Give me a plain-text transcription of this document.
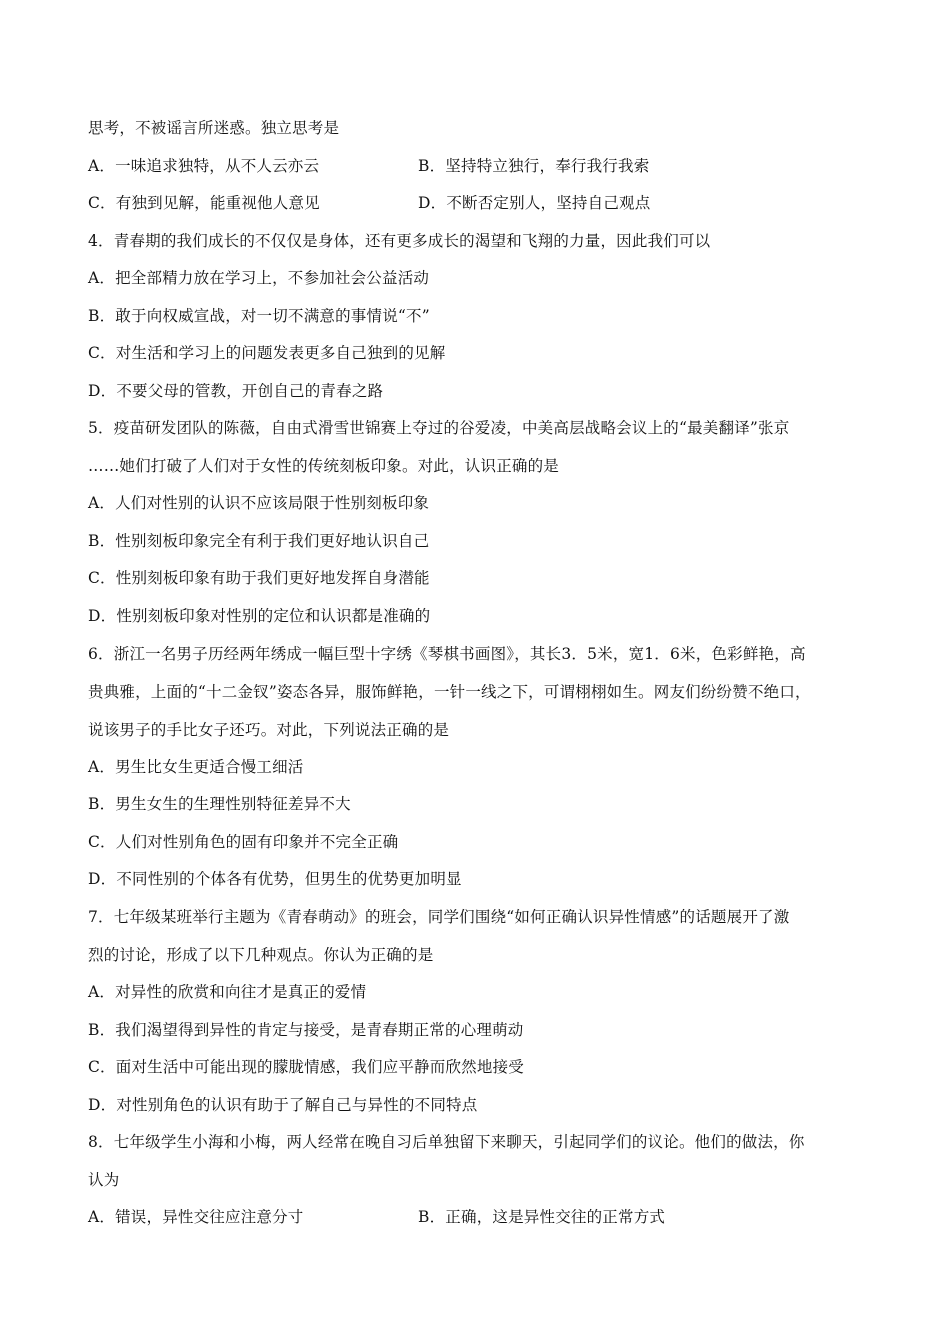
思考，不被谣言所迷惑。独立思考是
A．一味追求独特，从不人云亦云	B．坚持特立独行，奉行我行我索
C．有独到见解，能重视他人意见	D．不断否定别人，坚持自己观点
4．青春期的我们成长的不仅仅是身体，还有更多成长的渴望和飞翔的力量，因此我们可以
A．把全部精力放在学习上，不参加社会公益活动
B．敢于向权威宣战，对一切不满意的事情说“不”
C．对生活和学习上的问题发表更多自己独到的见解
D．不要父母的管教，开创自己的青春之路
5．疫苗研发团队的陈薇，自由式滑雪世锦赛上夺过的谷爱凌，中美高层战略会议上的“最美翻译”张京
……她们打破了人们对于女性的传统刻板印象。对此，认识正确的是
A．人们对性别的认识不应该局限于性别刻板印象
B．性别刻板印象完全有利于我们更好地认识自己
C．性别刻板印象有助于我们更好地发挥自身潜能
D．性别刻板印象对性别的定位和认识都是准确的
6．浙江一名男子历经两年绣成一幅巨型十字绣《琴棋书画图》，其长3．5米，宽1．6米，色彩鲜艳，高
贵典雅，上面的“十二金钗”姿态各异，服饰鲜艳，一针一线之下，可谓栩栩如生。网友们纷纷赞不绝口，
说该男子的手比女子还巧。对此，下列说法正确的是
A．男生比女生更适合慢工细活
B．男生女生的生理性别特征差异不大
C．人们对性别角色的固有印象并不完全正确
D．不同性别的个体各有优势，但男生的优势更加明显
7．七年级某班举行主题为《青春萌动》的班会，同学们围绕“如何正确认识异性情感”的话题展开了激
烈的讨论，形成了以下几种观点。你认为正确的是
A．对异性的欣赏和向往才是真正的爱情
B．我们渴望得到异性的肯定与接受，是青春期正常的心理萌动
C．面对生活中可能出现的朦胧情感，我们应平静而欣然地接受
D．对性别角色的认识有助于了解自己与异性的不同特点
8．七年级学生小海和小梅，两人经常在晚自习后单独留下来聊天，引起同学们的议论。他们的做法，你
认为
A．错误，异性交往应注意分寸	B．正确，这是异性交往的正常方式
